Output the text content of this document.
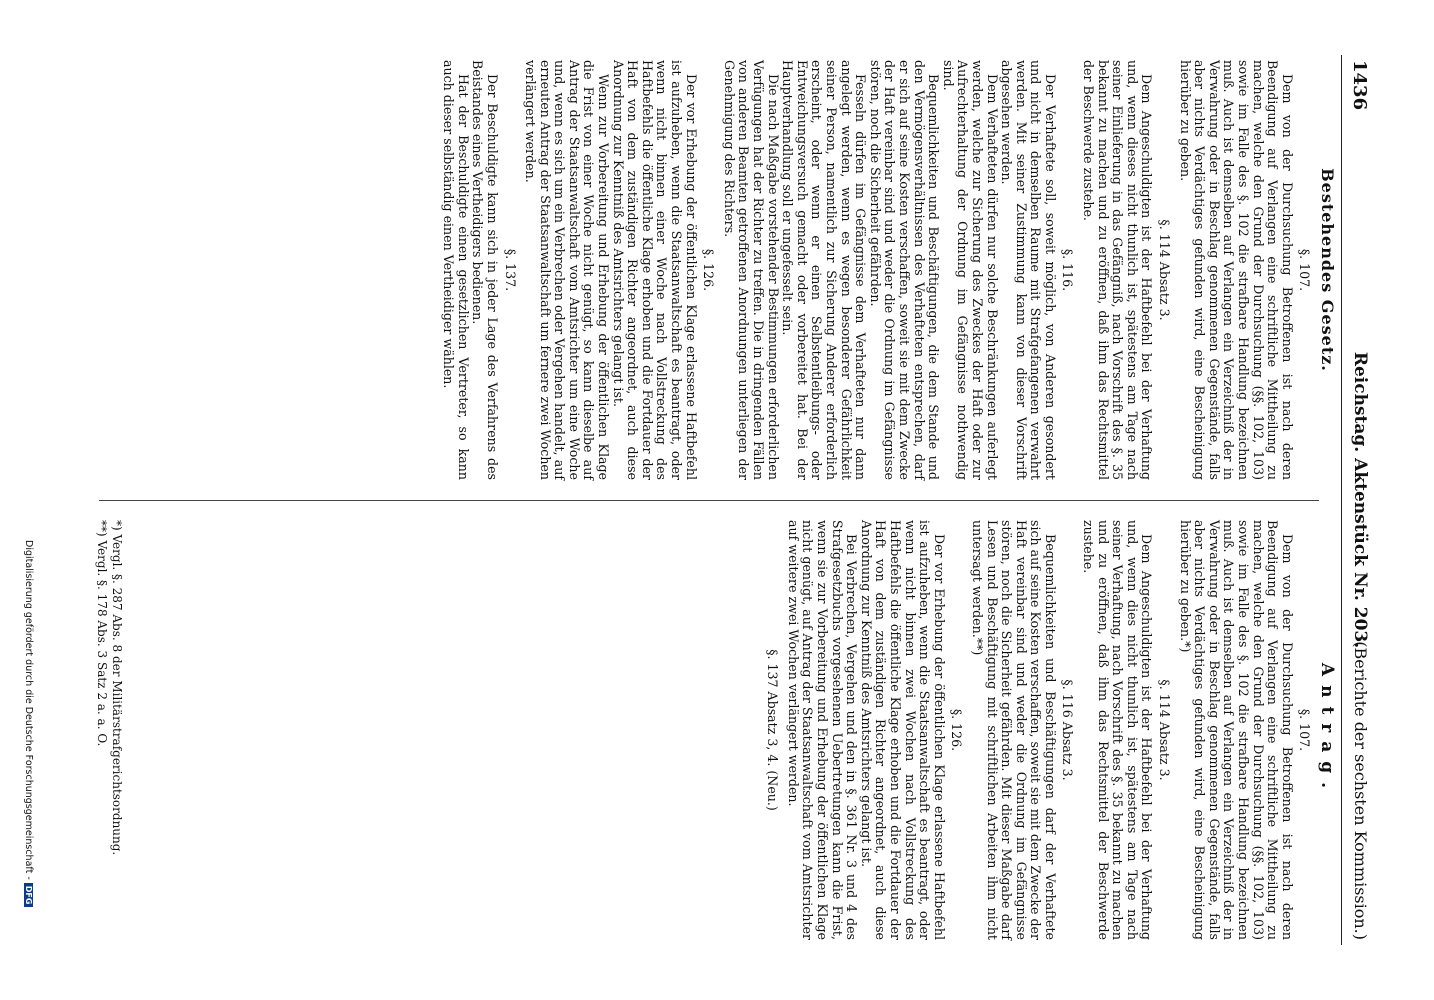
1436
Reichstag. Aktenstück Nr. 203.
(Berichte der sechsten Kommission.)
Bestehendes Gesetz.
§. 107.

Dem von der Durchsuchung Betroffenen ist nach deren Beendigung auf Verlangen eine schriftliche Mittheilung zu machen, welche den Grund der Durchsuchung (§§. 102, 103) sowie im Falle des §. 102 die strafbare Handlung bezeichnen muß. Auch ist demselben auf Verlangen ein Verzeichniß der in Verwahrung oder in Beschlag genommenen Gegenstände, falls aber nichts Verdächtiges gefunden wird, eine Bescheinigung hierüber zu geben.

§. 114 Absatz 3.

Dem Angeschuldigten ist der Haftbefehl bei der Verhaftung und, wenn dieses nicht thunlich ist, spätestens am Tage nach seiner Einlieferung in das Gefängniß, nach Vorschrift des §. 35 bekannt zu machen und zu eröffnen, daß ihm das Rechtsmittel der Beschwerde zustehe.

§. 116.

Der Verhaftete soll, soweit möglich, von Anderen gesondert und nicht in demselben Raume mit Strafgefangenen verwahrt werden. Mit seiner Zustimmung kann von dieser Vorschrift abgesehen werden.

Dem Verhafteten dürfen nur solche Beschränkungen auferlegt werden, welche zur Sicherung des Zweckes der Haft oder zur Aufrechterhaltung der Ordnung im Gefängnisse nothwendig sind.

Bequemlichkeiten und Beschäftigungen, die dem Stande und den Vermögensverhältnissen des Verhafteten entsprechen, darf er sich auf seine Kosten verschaffen, soweit sie mit dem Zwecke der Haft vereinbar sind und weder die Ordnung im Gefängnisse stören, noch die Sicherheit gefährden.

Fesseln dürfen im Gefängnisse dem Verhafteten nur dann angelegt werden, wenn es wegen besonderer Gefährlichkeit seiner Person, namentlich zur Sicherung Anderer erforderlich erscheint, oder wenn er einen Selbstentleibungs- oder Entweichungsversuch gemacht oder vorbereitet hat. Bei der Hauptverhandlung soll er ungefesselt sein.

Die nach Maßgabe vorstehender Bestimmungen erforderlichen Verfügungen hat der Richter zu treffen. Die in dringenden Fällen von anderen Beamten getroffenen Anordnungen unterliegen der Genehmigung des Richters.

§. 126.

Der vor Erhebung der öffentlichen Klage erlassene Haftbefehl ist aufzuheben, wenn die Staatsanwaltschaft es beantragt, oder wenn nicht binnen einer Woche nach Vollstreckung des Haftbefehls die öffentliche Klage erhoben und die Fortdauer der Haft von dem zuständigen Richter angeordnet, auch diese Anordnung zur Kenntniß des Amtsrichters gelangt ist.

Wenn zur Vorbereitung und Erhebung der öffentlichen Klage die Frist von einer Woche nicht genügt, so kann dieselbe auf Antrag der Staatsanwaltschaft vom Amtsrichter um eine Woche und, wenn es sich um ein Verbrechen oder Vergehen handelt, auf erneuten Antrag der Staatsanwaltschaft um fernere zwei Wochen verlängert werden.

§. 137.

Der Beschuldigte kann sich in jeder Lage des Verfahrens des Beistandes eines Vertheidigers bedienen.

Hat der Beschuldigte einen gesetzlichen Vertreter, so kann auch dieser selbständig einen Vertheidiger wählen.

Antrag.
§. 107.

Dem von der Durchsuchung Betroffenen ist nach deren Beendigung auf Verlangen eine schriftliche Mittheilung zu machen, welche den Grund der Durchsuchung (§§. 102, 103) sowie im Falle des §. 102 die strafbare Handlung bezeichnen muß. Auch ist demselben auf Verlangen ein Verzeichniß der in Verwahrung oder in Beschlag genommenen Gegenstände, falls aber nichts Verdächtiges gefunden wird, eine Bescheinigung hierüber zu geben.*)

§. 114 Absatz 3.

Dem Angeschuldigten ist der Haftbefehl bei der Verhaftung und, wenn dies nicht thunlich ist, spätestens am Tage nach seiner Verhaftung, nach Vorschrift des §. 35 bekannt zu machen und zu eröffnen, daß ihm das Rechtsmittel der Beschwerde zustehe.

§. 116 Absatz 3.

Bequemlichkeiten und Beschäftigungen darf der Verhaftete sich auf seine Kosten verschaffen, soweit sie mit dem Zwecke der Haft vereinbar sind und weder die Ordnung im Gefängnisse stören, noch die Sicherheit gefährden. Mit dieser Maßgabe darf Lesen und Beschäftigung mit schriftlichen Arbeiten ihm nicht untersagt werden.**)

§. 126.

Der vor Erhebung der öffentlichen Klage erlassene Haftbefehl ist aufzuheben, wenn die Staatsanwaltschaft es beantragt, oder wenn nicht binnen zwei Wochen nach Vollstreckung des Haftbefehls die öffentliche Klage erhoben und die Fortdauer der Haft von dem zuständigen Richter angeordnet, auch diese Anordnung zur Kenntniß des Amtsrichters gelangt ist.

Bei Verbrechen, Vergehen und den in §. 361 Nr. 3 und 4 des Strafgesetzbuchs vorgesehenen Uebertretungen kann die Frist, wenn sie zur Vorbereitung und Erhebung der öffentlichen Klage nicht genügt, auf Antrag der Staatsanwaltschaft vom Amtsrichter auf weitere zwei Wochen verlängert werden.

§. 137 Absatz 3, 4. (Neu.)
*) Vergl. §. 287 Abs. 8 der Militärstrafgerichtsordnung.
**) Vergl. §. 178 Abs. 3 Satz 2 a. a. O.
Digitalisierung gefördert durch die Deutsche Forschungsgemeinschaft - DFG
